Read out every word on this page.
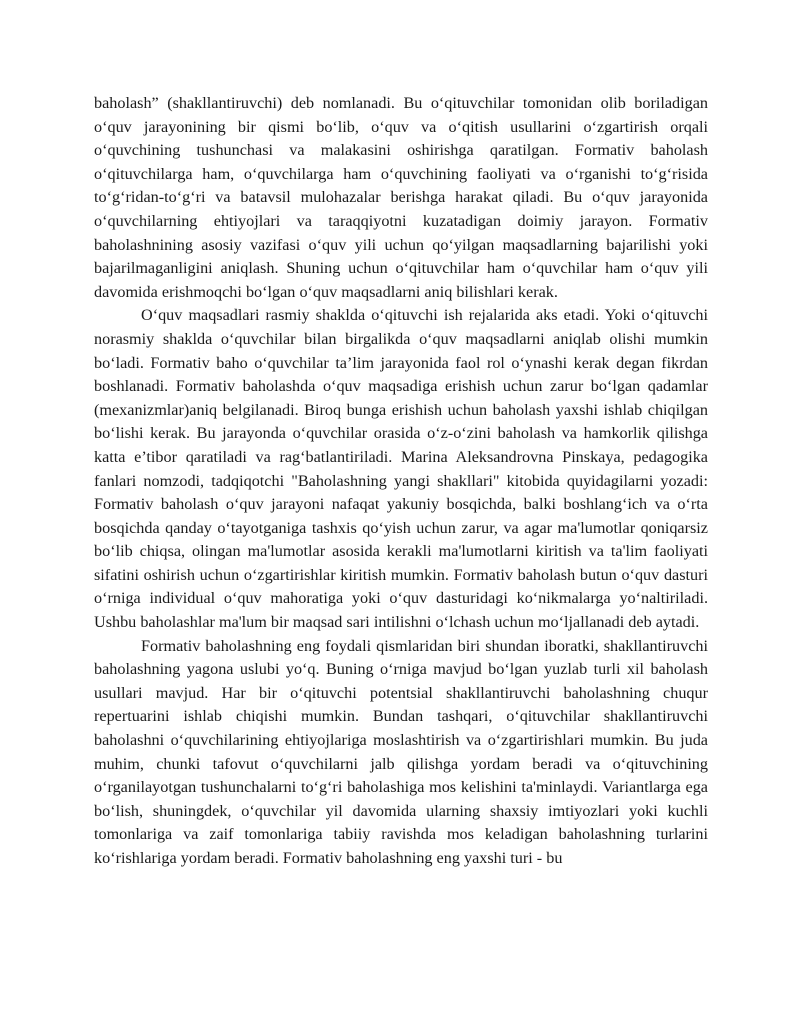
baholash” (shakllantiruvchi) deb nomlanadi. Bu o‘qituvchilar tomonidan olib boriladigan o‘quv jarayonining bir qismi bo‘lib, o‘quv va o‘qitish usullarini o‘zgartirish orqali o‘quvchining tushunchasi va malakasini oshirishga qaratilgan. Formativ baholash o‘qituvchilarga ham, o‘quvchilarga ham o‘quvchining faoliyati va o‘rganishi to‘g‘risida to‘g‘ridan-to‘g‘ri va batavsil mulohazalar berishga harakat qiladi. Bu o‘quv jarayonida o‘quvchilarning ehtiyojlari va taraqqiyotni kuzatadigan doimiy jarayon. Formativ baholashnining asosiy vazifasi o‘quv yili uchun qo‘yilgan maqsadlarning bajarilishi yoki bajarilmaganligini aniqlash. Shuning uchun o‘qituvchilar ham o‘quvchilar ham o‘quv yili davomida erishmoqchi bo‘lgan o‘quv maqsadlarni aniq bilishlari kerak.

O‘quv maqsadlari rasmiy shaklda o‘qituvchi ish rejalarida aks etadi. Yoki o‘qituvchi norasmiy shaklda o‘quvchilar bilan birgalikda o‘quv maqsadlarni aniqlab olishi mumkin bo‘ladi. Formativ baho o‘quvchilar ta’lim jarayonida faol rol o‘ynashi kerak degan fikrdan boshlanadi. Formativ baholashda o‘quv maqsadiga erishish uchun zarur bo‘lgan qadamlar (mexanizmlar)aniq belgilanadi. Biroq bunga erishish uchun baholash yaxshi ishlab chiqilgan bo‘lishi kerak. Bu jarayonda o‘quvchilar orasida o‘z-o‘zini baholash va hamkorlik qilishga katta e’tibor qaratiladi va rag‘batlantiriladi. Marina Aleksandrovna Pinskaya, pedagogika fanlari nomzodi, tadqiqotchi "Baholashning yangi shakllari" kitobida quyidagilarni yozadi: Formativ baholash o‘quv jarayoni nafaqat yakuniy bosqichda, balki boshlang‘ich va o‘rta bosqichda qanday o‘tayotganiga tashxis qo‘yish uchun zarur, va agar ma'lumotlar qoniqarsiz bo‘lib chiqsa, olingan ma'lumotlar asosida kerakli ma'lumotlarni kiritish va ta'lim faoliyati sifatini oshirish uchun o‘zgartirishlar kiritish mumkin. Formativ baholash butun o‘quv dasturi o‘rniga individual o‘quv mahoratiga yoki o‘quv dasturidagi ko‘nikmalarga yo‘naltiriladi. Ushbu baholashlar ma'lum bir maqsad sari intilishni o‘lchash uchun mo‘ljallanadi deb aytadi.

Formativ baholashning eng foydali qismlaridan biri shundan iboratki, shakllantiruvchi baholashning yagona uslubi yo‘q. Buning o‘rniga mavjud bo‘lgan yuzlab turli xil baholash usullari mavjud. Har bir o‘qituvchi potentsial shakllantiruvchi baholashning chuqur repertuarini ishlab chiqishi mumkin. Bundan tashqari, o‘qituvchilar shakllantiruvchi baholashni o‘quvchilarining ehtiyojlariga moslashtirish va o‘zgartirishlari mumkin. Bu juda muhim, chunki tafovut o‘quvchilarni jalb qilishga yordam beradi va o‘qituvchining o‘rganilayotgan tushunchalarni to‘g‘ri baholashiga mos kelishini ta'minlaydi. Variantlarga ega bo‘lish, shuningdek, o‘quvchilar yil davomida ularning shaxsiy imtiyozlari yoki kuchli tomonlariga va zaif tomonlariga tabiiy ravishda mos keladigan baholashning turlarini ko‘rishlariga yordam beradi. Formativ baholashning eng yaxshi turi - bu
